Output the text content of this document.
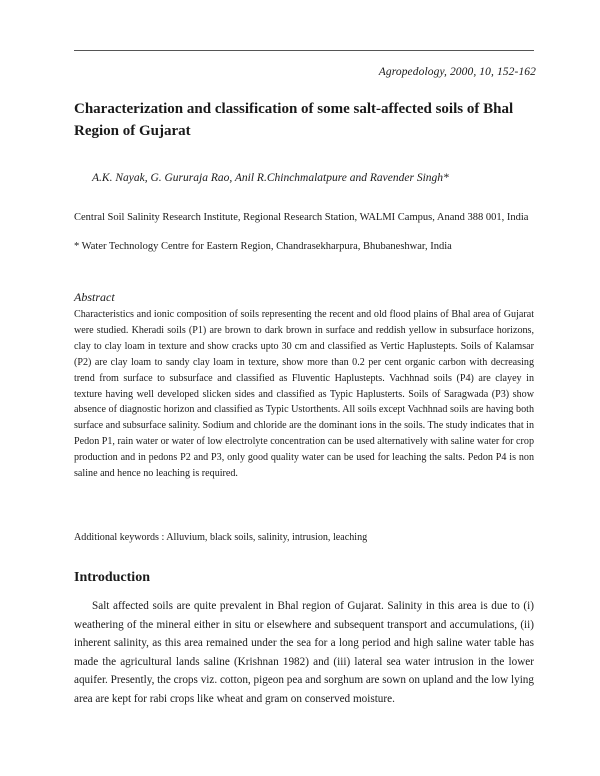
Agropedology, 2000, 10, 152-162
Characterization and classification of some salt-affected soils of Bhal Region of Gujarat
A.K. Nayak, G. Gururaja Rao, Anil R.Chinchmalatpure and Ravender Singh*
Central Soil Salinity Research Institute, Regional Research Station, WALMI Campus, Anand 388 001, India
* Water Technology Centre for Eastern Region, Chandrasekharpura, Bhubaneshwar, India
Abstract
Characteristics and ionic composition of soils representing the recent and old flood plains of Bhal area of Gujarat were studied. Kheradi soils (P1) are brown to dark brown in surface and reddish yellow in subsurface horizons, clay to clay loam in texture and show cracks upto 30 cm and classified as Vertic Haplustepts. Soils of Kalamsar (P2) are clay loam to sandy clay loam in texture, show more than 0.2 per cent organic carbon with decreasing trend from surface to subsurface and classified as Fluventic Haplustepts. Vachhnad soils (P4) are clayey in texture having well developed slicken sides and classified as Typic Haplusterts. Soils of Saragwada (P3) show absence of diagnostic horizon and classified as Typic Ustorthents. All soils except Vachhnad soils are having both surface and subsurface salinity. Sodium and chloride are the dominant ions in the soils. The study indicates that in Pedon P1, rain water or water of low electrolyte concentration can be used alternatively with saline water for crop production and in pedons P2 and P3, only good quality water can be used for leaching the salts. Pedon P4 is non saline and hence no leaching is required.
Additional keywords : Alluvium, black soils, salinity, intrusion, leaching
Introduction
Salt affected soils are quite prevalent in Bhal region of Gujarat. Salinity in this area is due to (i) weathering of the mineral either in situ or elsewhere and subsequent transport and accumulations, (ii) inherent salinity, as this area remained under the sea for a long period and high saline water table has made the agricultural lands saline (Krishnan 1982) and (iii) lateral sea water intrusion in the lower aquifer. Presently, the crops viz. cotton, pigeon pea and sorghum are sown on upland and the low lying area are kept for rabi crops like wheat and gram on conserved moisture.
